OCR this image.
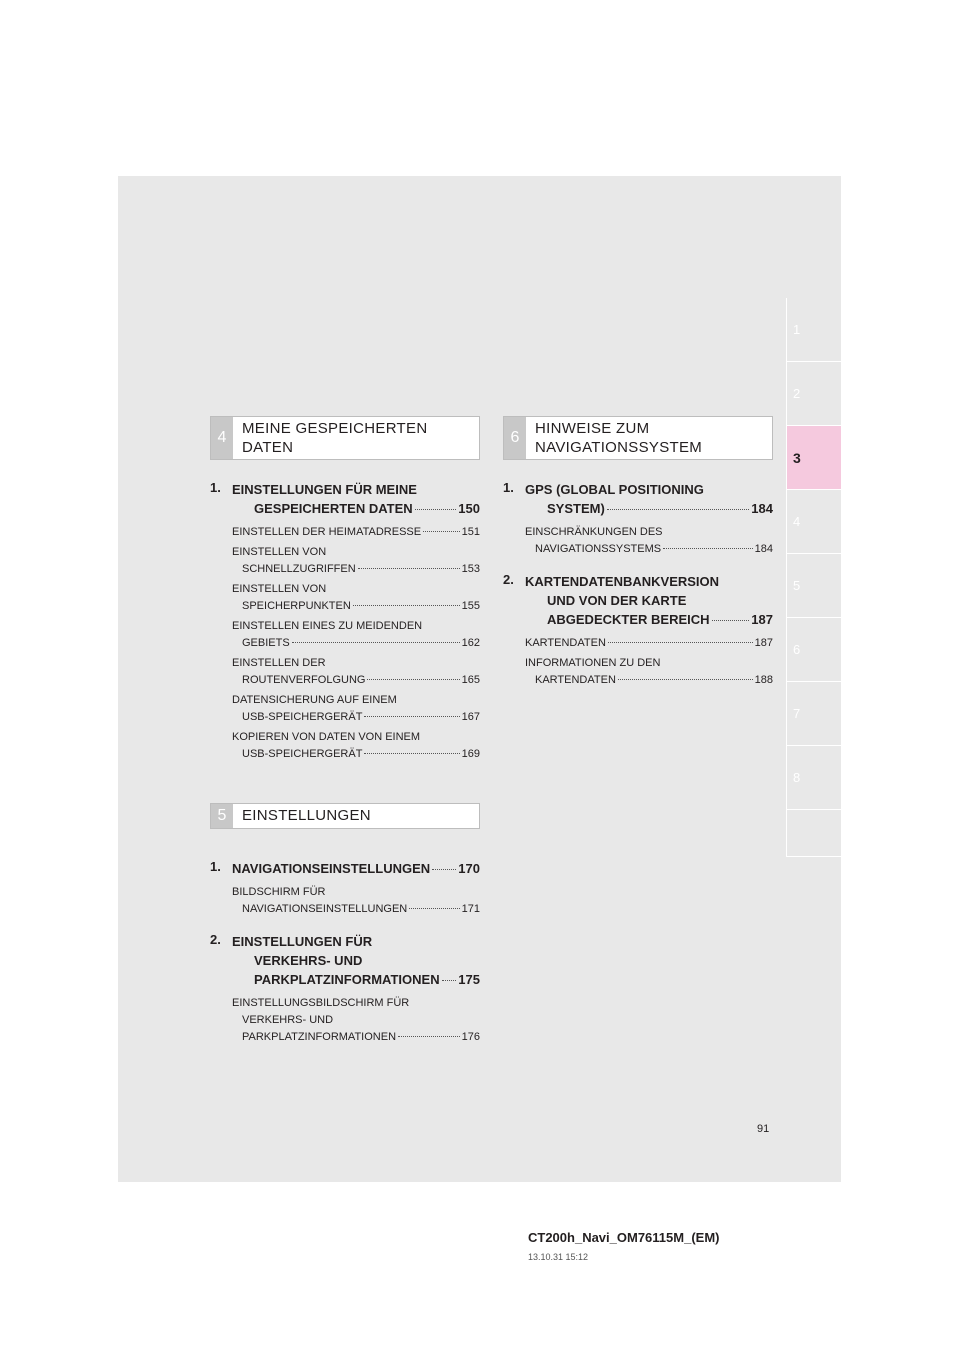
1
2
3
4
5
6
7
8
4
MEINE GESPEICHERTEN
DATEN
1. EINSTELLUNGEN FÜR MEINE
GESPEICHERTEN DATEN	150
EINSTELLEN DER HEIMATADRESSE	151
EINSTELLEN VON
SCHNELLZUGRIFFEN	153
EINSTELLEN VON
SPEICHERPUNKTEN	155
EINSTELLEN EINES ZU MEIDENDEN
GEBIETS	162
EINSTELLEN DER
ROUTENVERFOLGUNG	165
DATENSICHERUNG AUF EINEM
USB-SPEICHERGERÄT	167
KOPIEREN VON DATEN VON EINEM
USB-SPEICHERGERÄT	169
5	EINSTELLUNGEN
1. NAVIGATIONSEINSTELLUNGEN 170
BILDSCHIRM FÜR
NAVIGATIONSEINSTELLUNGEN	171
2. EINSTELLUNGEN FÜR
VERKEHRS- UND
PARKPLATZINFORMATIONEN 175
EINSTELLUNGSBILDSCHIRM FÜR
VERKEHRS- UND
PARKPLATZINFORMATIONEN	176
6
HINWEISE ZUM
NAVIGATIONSSYSTEM
1. GPS (GLOBAL POSITIONING
SYSTEM)	184
EINSCHRÄNKUNGEN DES
NAVIGATIONSSYSTEMS	184
2. KARTENDATENBANKVERSION
UND VON DER KARTE
ABGEDECKTER BEREICH	187
KARTENDATEN	187
INFORMATIONEN ZU DEN
KARTENDATEN	188
91
CT200h_Navi_OM76115M_(EM)
13.10.31 15:12
